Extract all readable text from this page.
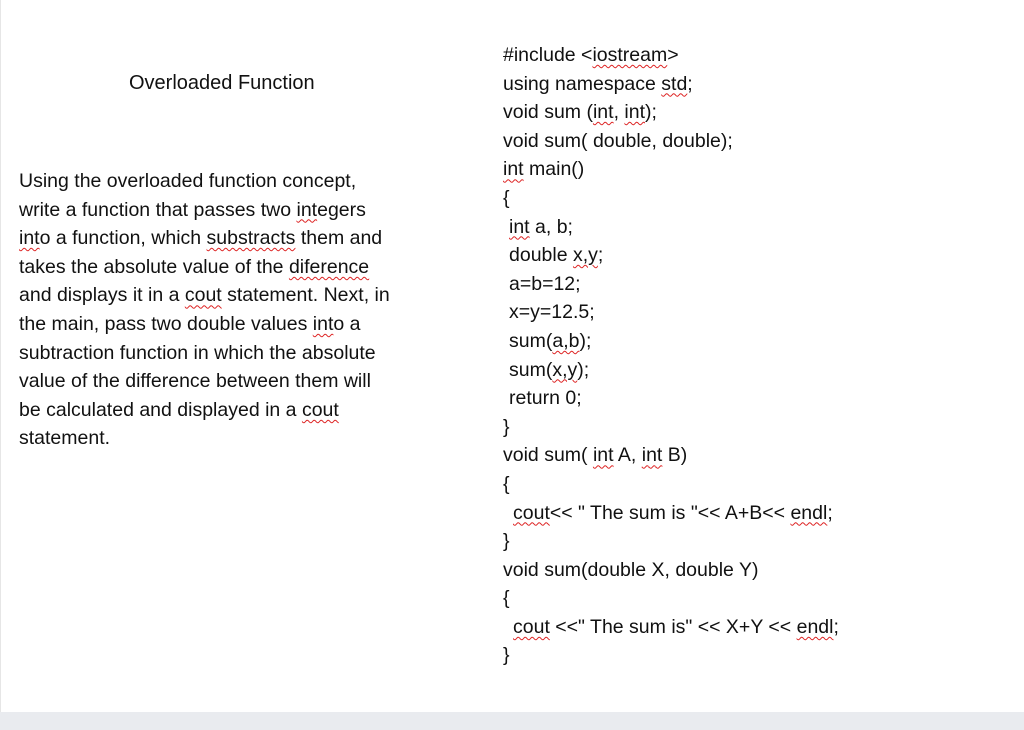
Overloaded Function
Using the overloaded function concept,
write a function that passes two integers
into a function, which substracts them and
takes the absolute value of the diference
and displays it in a cout statement. Next, in
the main, pass two double values into a
subtraction function in which the absolute
value of the difference between them will
be calculated and displayed in a cout
statement.
#include <iostream>
using namespace std;
void sum (int, int);
void sum( double, double);
int main()
{
int a, b;
double x,y;
a=b=12;
x=y=12.5;
sum(a,b);
sum(x,y);
return 0;
}
void sum( int A, int B)
{
cout<< " The sum is "<< A+B<< endl;
}
void sum(double X, double Y)
{
cout <<" The sum is" << X+Y << endl;
}
